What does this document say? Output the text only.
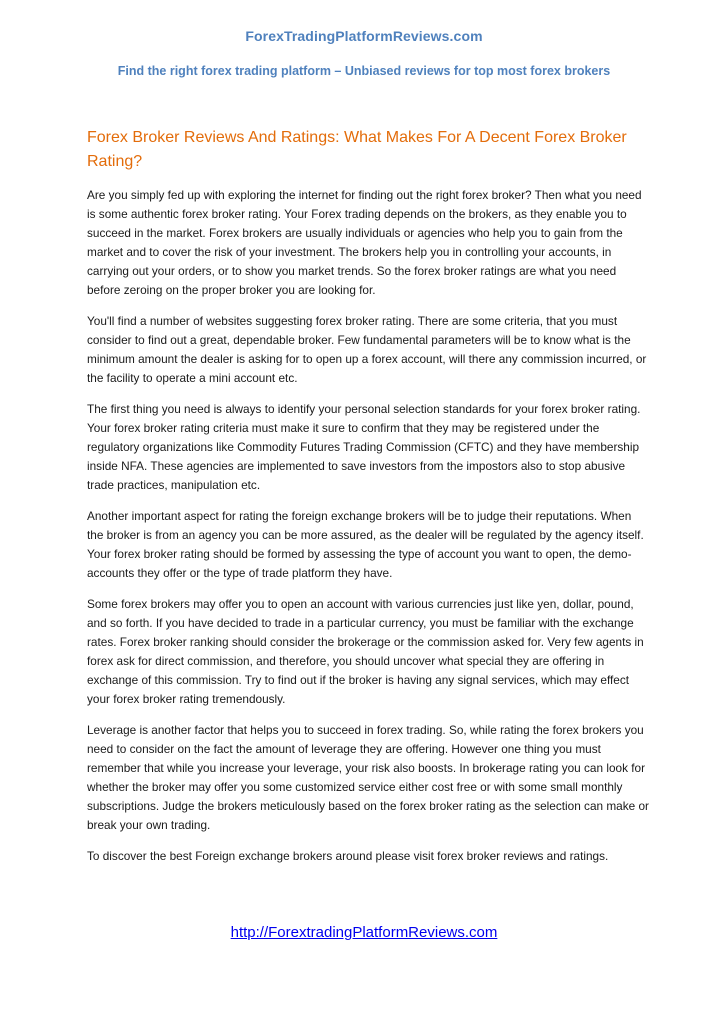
ForexTradingPlatformReviews.com
Find the right forex trading platform – Unbiased reviews for top most forex brokers
Forex Broker Reviews And Ratings: What Makes For A Decent Forex Broker Rating?

Are you simply fed up with exploring the internet for finding out the right forex broker? Then what you need is some authentic forex broker rating. Your Forex trading depends on the brokers, as they enable you to succeed in the market. Forex brokers are usually individuals or agencies who help you to gain from the market and to cover the risk of your investment. The brokers help you in controlling your accounts, in carrying out your orders, or to show you market trends. So the forex broker ratings are what you need before zeroing on the proper broker you are looking for.

You'll find a number of websites suggesting forex broker rating. There are some criteria, that you must consider to find out a great, dependable broker. Few fundamental parameters will be to know what is the minimum amount the dealer is asking for to open up a forex account, will there any commission incurred, or the facility to operate a mini account etc.

The first thing you need is always to identify your personal selection standards for your forex broker rating. Your forex broker rating criteria must make it sure to confirm that they may be registered under the regulatory organizations like Commodity Futures Trading Commission (CFTC) and they have membership inside NFA. These agencies are implemented to save investors from the impostors also to stop abusive trade practices, manipulation etc.

Another important aspect for rating the foreign exchange brokers will be to judge their reputations. When the broker is from an agency you can be more assured, as the dealer will be regulated by the agency itself. Your forex broker rating should be formed by assessing the type of account you want to open, the demo-accounts they offer or the type of trade platform they have.

Some forex brokers may offer you to open an account with various currencies just like yen, dollar, pound, and so forth. If you have decided to trade in a particular currency, you must be familiar with the exchange rates. Forex broker ranking should consider the brokerage or the commission asked for. Very few agents in forex ask for direct commission, and therefore, you should uncover what special they are offering in exchange of this commission. Try to find out if the broker is having any signal services, which may effect your forex broker rating tremendously.

Leverage is another factor that helps you to succeed in forex trading. So, while rating the forex brokers you need to consider on the fact the amount of leverage they are offering. However one thing you must remember that while you increase your leverage, your risk also boosts. In brokerage rating you can look for whether the broker may offer you some customized service either cost free or with some small monthly subscriptions. Judge the brokers meticulously based on the forex broker rating as the selection can make or break your own trading.

To discover the best Foreign exchange brokers around please visit forex broker reviews and ratings.

http://ForextradingPlatformReviews.com
